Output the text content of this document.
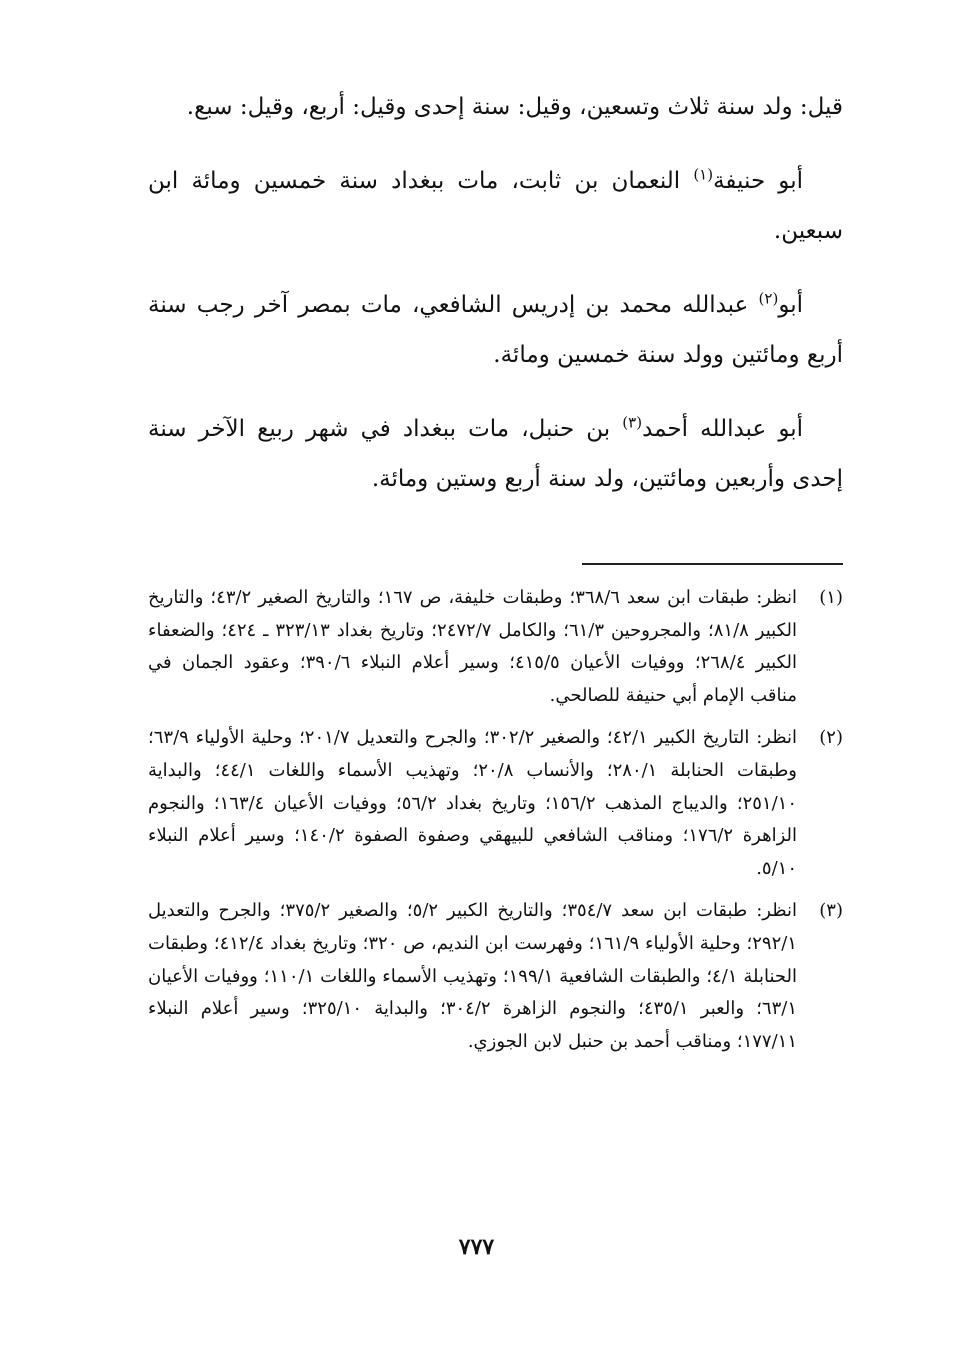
قيل: ولد سنة ثلاث وتسعين، وقيل: سنة إحدى وقيل: أربع، وقيل: سبع.

أبو حنيفة$^{(١)}$ النعمان بن ثابت، مات ببغداد سنة خمسين ومائة ابن سبعين.

أبو$^{(٢)}$ عبدالله محمد بن إدريس الشافعي، مات بمصر آخر رجب سنة أربع ومائتين وولد سنة خمسين ومائة.

أبو عبدالله أحمد$^{(٣)}$ بن حنبل، مات ببغداد في شهر ربيع الآخر سنة إحدى وأربعين ومائتين، ولد سنة أربع وستين ومائة.

(١)
انظر: طبقات ابن سعد ٣٦٨/٦؛ وطبقات خليفة، ص ١٦٧؛ والتاريخ الصغير ٤٣/٢؛ والتاريخ الكبير ٨١/٨؛ والمجروحين ٦١/٣؛ والكامل ٢٤٧٢/٧؛ وتاريخ بغداد ٣٢٣/١٣ ـ ٤٢٤؛ والضعفاء الكبير ٢٦٨/٤؛ ووفيات الأعيان ٤١٥/٥؛ وسير أعلام النبلاء ٣٩٠/٦؛ وعقود الجمان في مناقب الإمام أبي حنيفة للصالحي.
(٢)
انظر: التاريخ الكبير ٤٢/١؛ والصغير ٣٠٢/٢؛ والجرح والتعديل ٢٠١/٧؛ وحلية الأولياء ٦٣/٩؛ وطبقات الحنابلة ٢٨٠/١؛ والأنساب ٢٠/٨؛ وتهذيب الأسماء واللغات ٤٤/١؛ والبداية ٢٥١/١٠؛ والديباج المذهب ١٥٦/٢؛ وتاريخ بغداد ٥٦/٢؛ ووفيات الأعيان ١٦٣/٤؛ والنجوم الزاهرة ١٧٦/٢؛ ومناقب الشافعي للبيهقي وصفوة الصفوة ١٤٠/٢؛ وسير أعلام النبلاء ٥/١٠.
(٣)
انظر: طبقات ابن سعد ٣٥٤/٧؛ والتاريخ الكبير ٥/٢؛ والصغير ٣٧٥/٢؛ والجرح والتعديل ٢٩٢/١؛ وحلية الأولياء ١٦١/٩؛ وفهرست ابن النديم، ص ٣٢٠؛ وتاريخ بغداد ٤١٢/٤؛ وطبقات الحنابلة ٤/١؛ والطبقات الشافعية ١٩٩/١؛ وتهذيب الأسماء واللغات ١١٠/١؛ ووفيات الأعيان ٦٣/١؛ والعبر ٤٣٥/١؛ والنجوم الزاهرة ٣٠٤/٢؛ والبداية ٣٢٥/١٠؛ وسير أعلام النبلاء ١٧٧/١١؛ ومناقب أحمد بن حنبل لابن الجوزي.
٧٧٧
